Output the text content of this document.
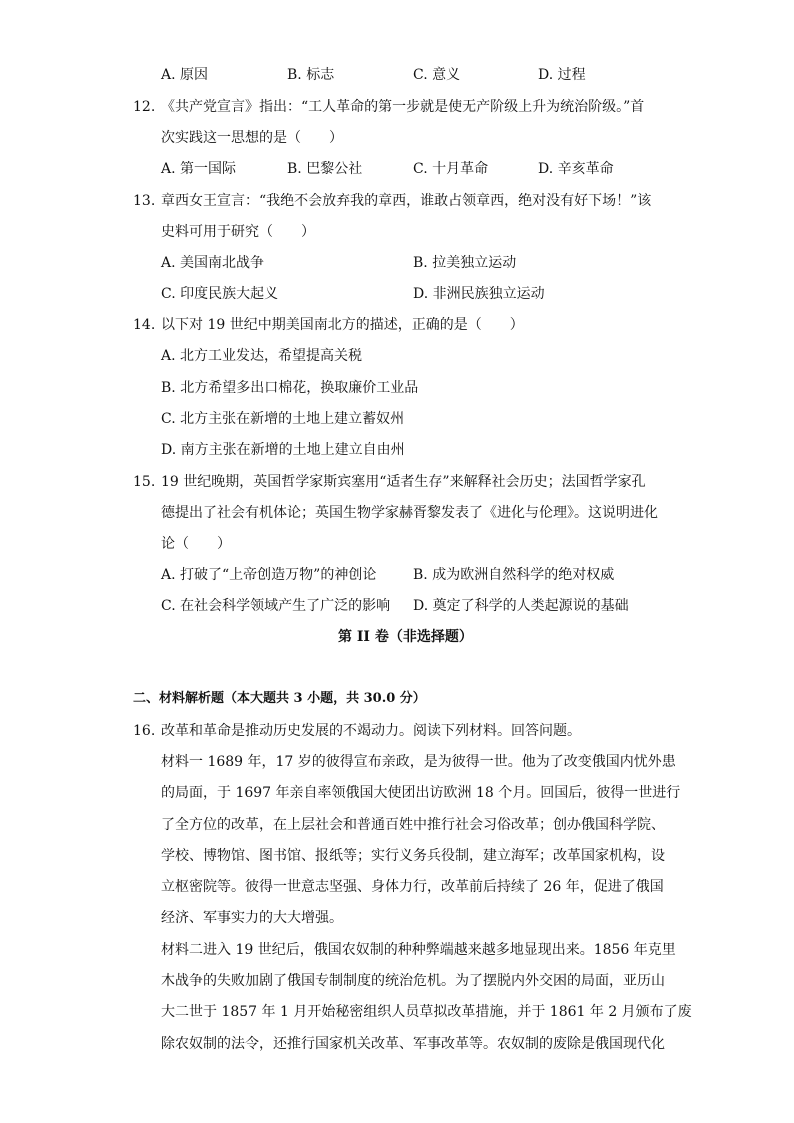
A. 原因	B. 标志	C. 意义	D. 过程
12. 《共产党宣言》指出：“工人革命的第一步就是使无产阶级上升为统治阶级。”首
次实践这一思想的是（　　）
A. 第一国际	B. 巴黎公社	C. 十月革命	D. 辛亥革命
13. 章西女王宣言：“我绝不会放弃我的章西，谁敢占领章西，绝对没有好下场！”该
史料可用于研究（　　）
A. 美国南北战争	B. 拉美独立运动
C. 印度民族大起义	D. 非洲民族独立运动
14. 以下对 19 世纪中期美国南北方的描述，正确的是（　　）
A. 北方工业发达，希望提高关税
B. 北方希望多出口棉花，换取廉价工业品
C. 北方主张在新增的土地上建立蓄奴州
D. 南方主张在新增的土地上建立自由州
15. 19 世纪晚期，英国哲学家斯宾塞用“适者生存”来解释社会历史；法国哲学家孔
德提出了社会有机体论；英国生物学家赫胥黎发表了《进化与伦理》。这说明进化
论（　　）
A. 打破了“上帝创造万物”的神创论	B. 成为欧洲自然科学的绝对权威
C. 在社会科学领域产生了广泛的影响 D. 奠定了科学的人类起源说的基础
第 II 卷（非选择题）
二、材料解析题（本大题共 3 小题，共 30.0 分）
16. 改革和革命是推动历史发展的不竭动力。阅读下列材料。回答问题。
材料一 1689 年，17 岁的彼得宣布亲政，是为彼得一世。他为了改变俄国内忧外患
的局面，于 1697 年亲自率领俄国大使团出访欧洲 18 个月。回国后，彼得一世进行
了全方位的改革，在上层社会和普通百姓中推行社会习俗改革；创办俄国科学院、
学校、博物馆、图书馆、报纸等；实行义务兵役制，建立海军；改革国家机构，设
立枢密院等。彼得一世意志坚强、身体力行，改革前后持续了 26 年，促进了俄国
经济、军事实力的大大增强。
材料二进入 19 世纪后，俄国农奴制的种种弊端越来越多地显现出来。1856 年克里
木战争的失败加剧了俄国专制制度的统治危机。为了摆脱内外交困的局面，亚历山
大二世于 1857 年 1 月开始秘密组织人员草拟改革措施，并于 1861 年 2 月颁布了废
除农奴制的法令，还推行国家机关改革、军事改革等。农奴制的废除是俄国现代化
